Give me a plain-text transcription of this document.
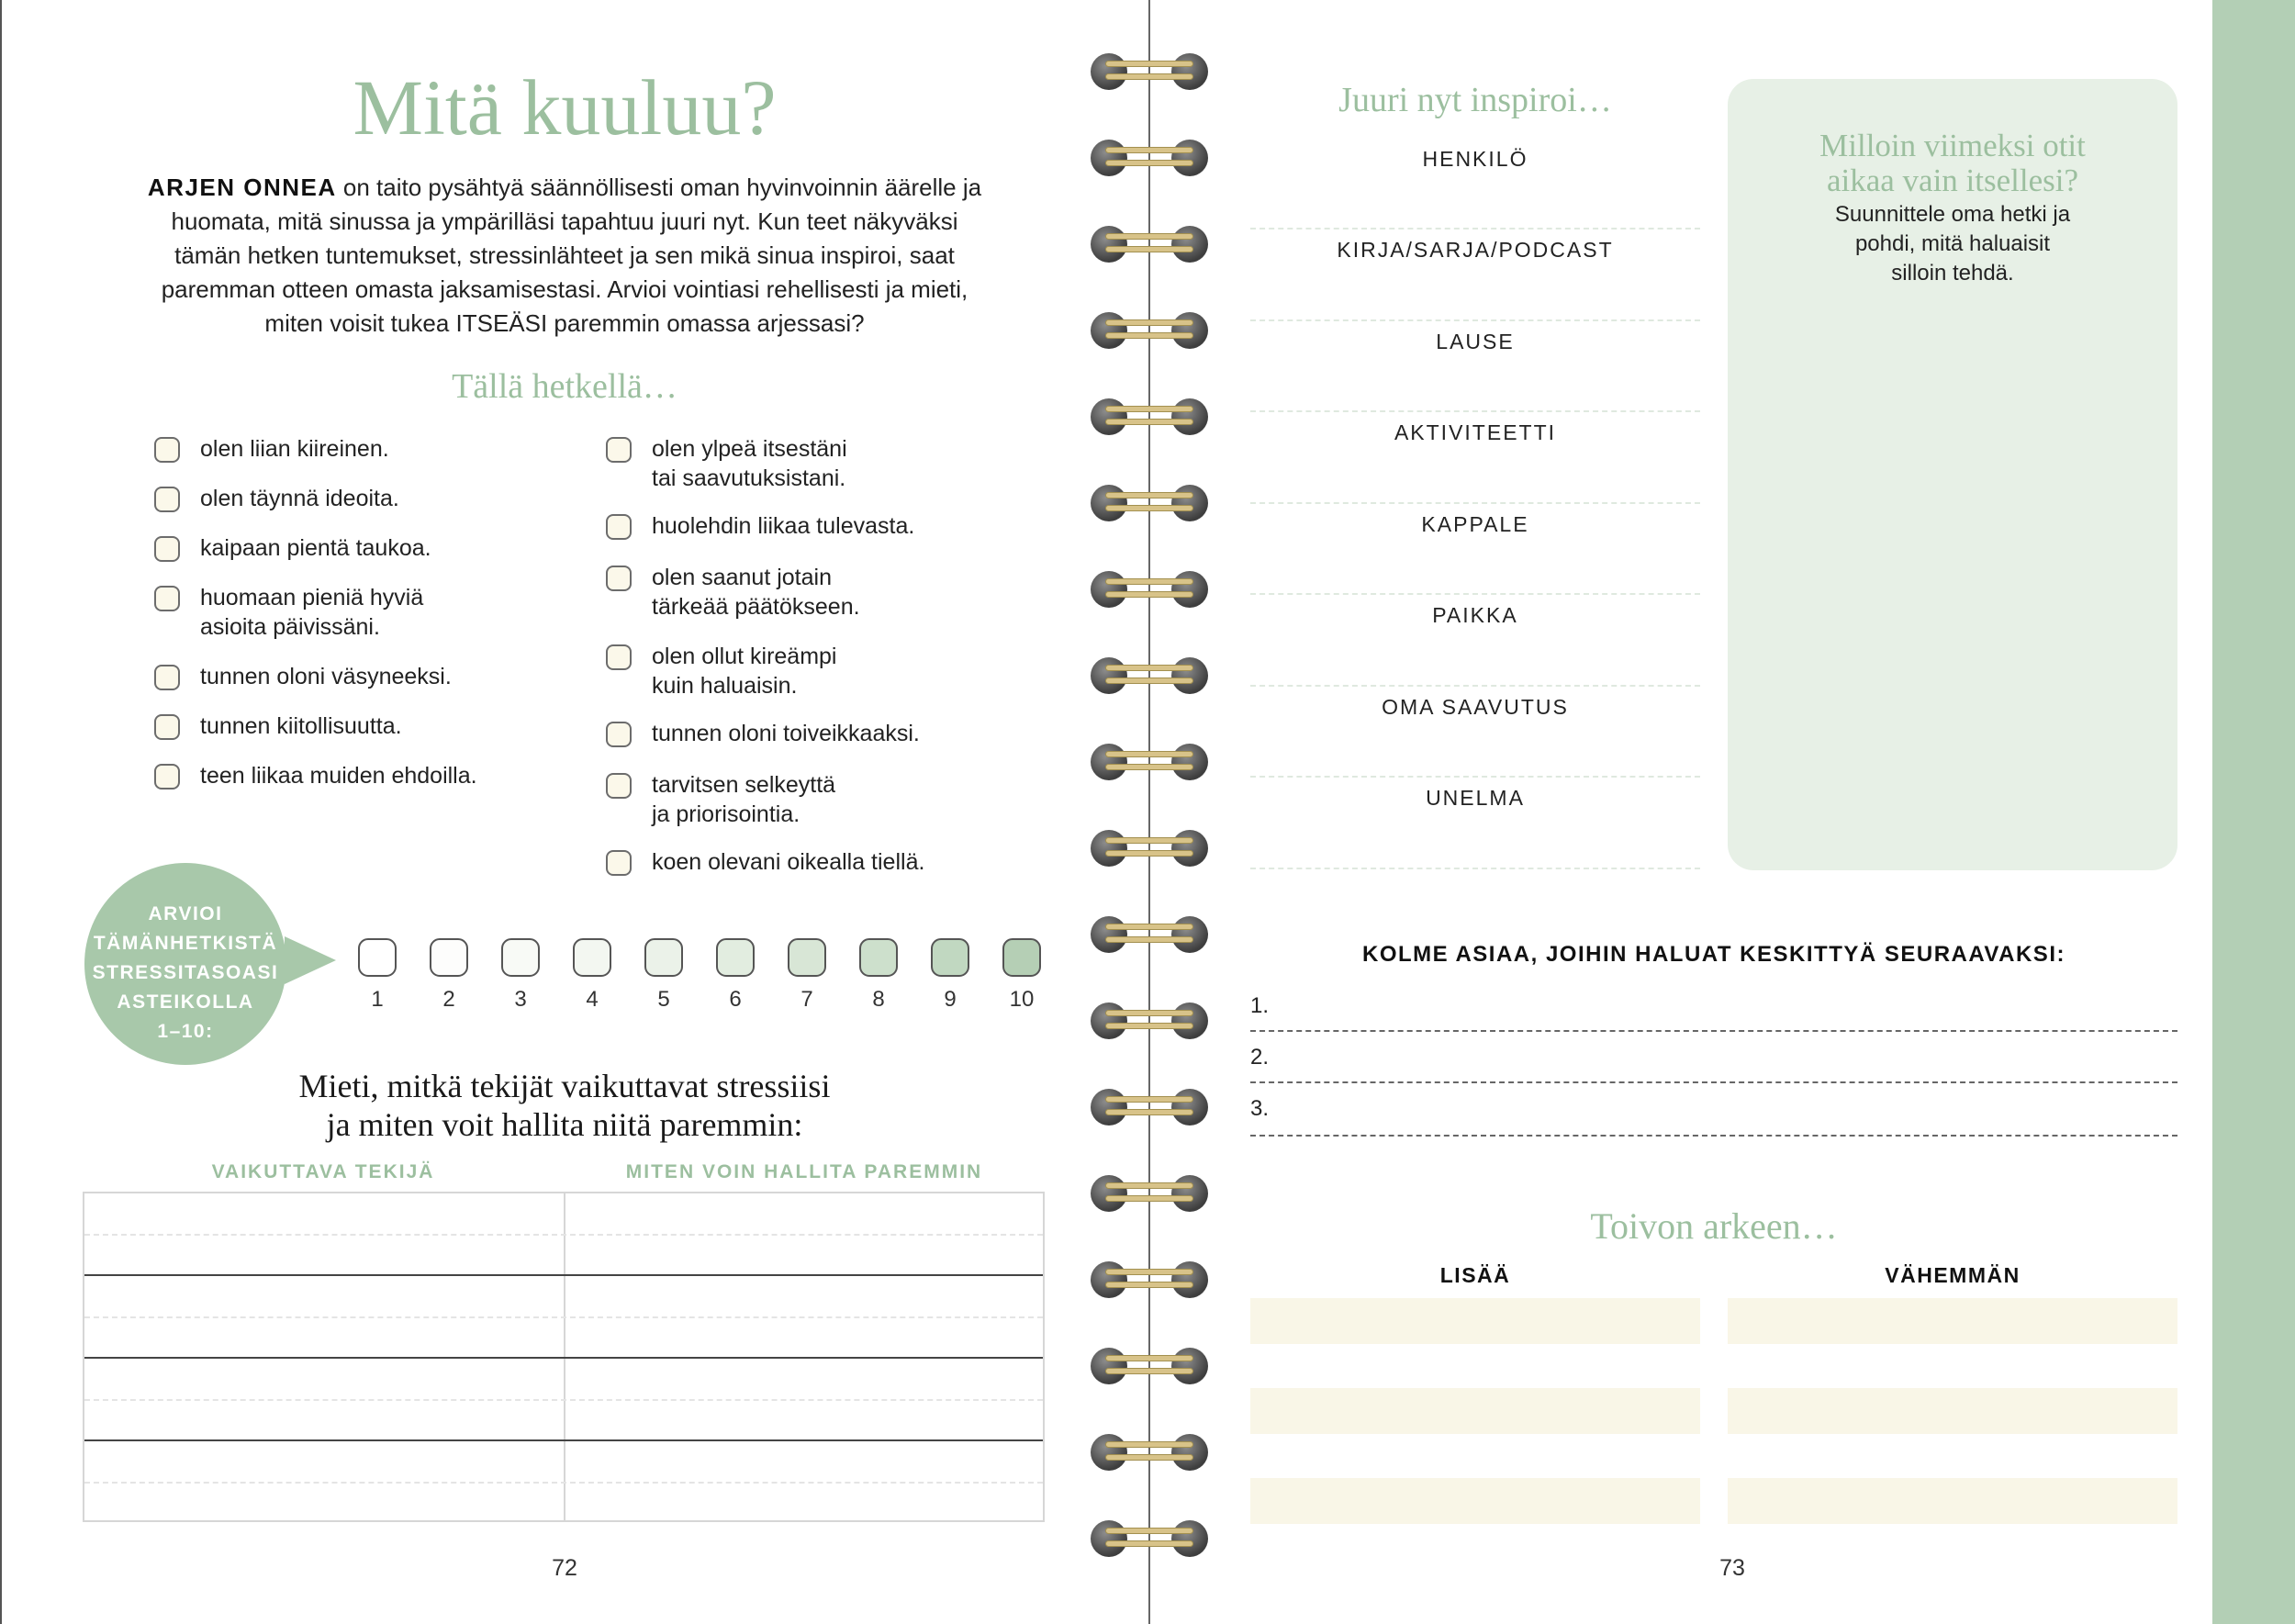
Mitä kuuluu?
ARJEN ONNEA on taito pysähtyä säännöllisesti oman hyvinvoinnin äärelle ja
huomata, mitä sinussa ja ympärilläsi tapahtuu juuri nyt. Kun teet näkyväksi
tämän hetken tuntemukset, stressinlähteet ja sen mikä sinua inspiroi, saat
paremman otteen omasta jaksamisestasi. Arvioi vointiasi rehellisesti ja mieti,
miten voisit tukea ITSEÄSI paremmin omassa arjessasi?
Tällä hetkellä…
olen liian kiireinen.
olen täynnä ideoita.
kaipaan pientä taukoa.
huomaan pieniä hyviä
asioita päivissäni.
tunnen oloni väsyneeksi.
tunnen kiitollisuutta.
teen liikaa muiden ehdoilla.
olen ylpeä itsestäni
tai saavutuksistani.
huolehdin liikaa tulevasta.
olen saanut jotain
tärkeää päätökseen.
olen ollut kireämpi
kuin haluaisin.
tunnen oloni toiveikkaaksi.
tarvitsen selkeyttä
ja priorisointia.
koen olevani oikealla tiellä.
ARVIOI
TÄMÄNHETKISTÄ
STRESSITASOASI
ASTEIKOLLA
1–10:
1	2	3	4	5	6	7	8	9	10
Mieti, mitkä tekijät vaikuttavat stressiisi
ja miten voit hallita niitä paremmin:
VAIKUTTAVA TEKIJÄ	MITEN VOIN HALLITA PAREMMIN
72
Juuri nyt inspiroi…
HENKILÖ
KIRJA/SARJA/PODCAST
LAUSE
AKTIVITEETTI
KAPPALE
PAIKKA
OMA SAAVUTUS
UNELMA
Milloin viimeksi otit
aikaa vain itsellesi?
Suunnittele oma hetki ja
pohdi, mitä haluaisit
silloin tehdä.
KOLME ASIAA, JOIHIN HALUAT KESKITTYÄ SEURAAVAKSI:
1.
2.
3.
Toivon arkeen…
LISÄÄ	VÄHEMMÄN
73
